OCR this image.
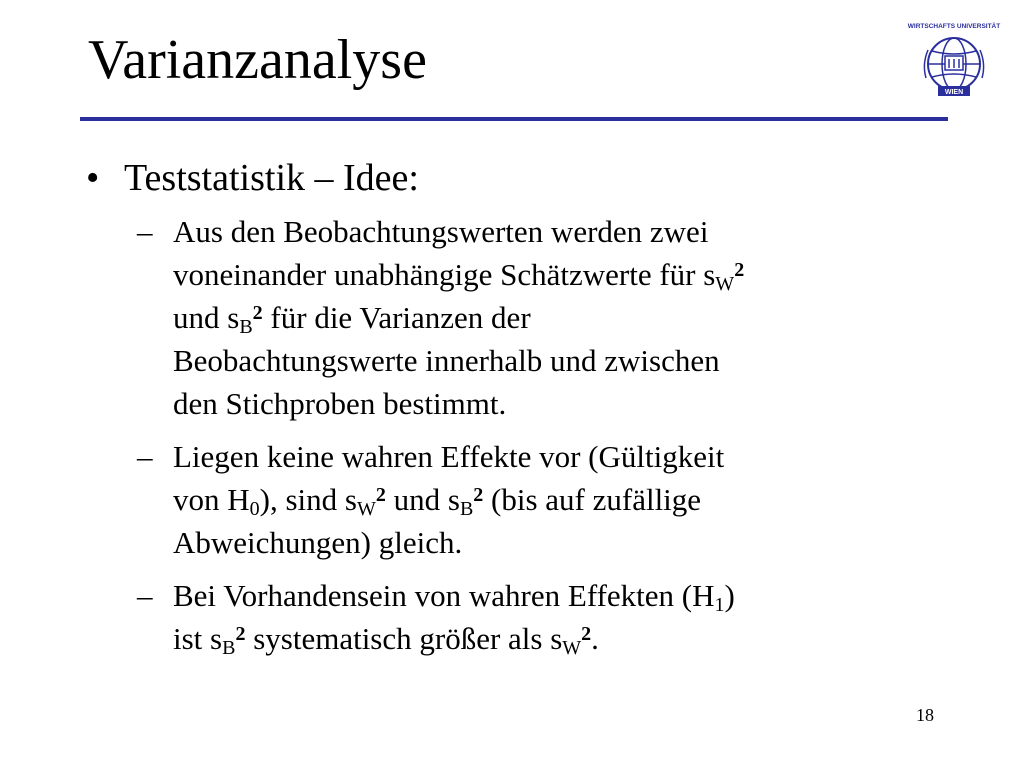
Varianzanalyse
WIRTSCHAFTS UNIVERSITÄT
WIEN
• Teststatistik – Idee:
– Aus den Beobachtungswerten werden zwei
voneinander unabhängige Schätzwerte für $s_W^2$
und $s_B^2$ für die Varianzen der
Beobachtungswerte innerhalb und zwischen
den Stichproben bestimmt.
– Liegen keine wahren Effekte vor (Gültigkeit
von $H_0$), sind $s_W^2$ und $s_B^2$ (bis auf zufällige
Abweichungen) gleich.
– Bei Vorhandensein von wahren Effekten $(H_1)$
ist $s_B^2$ systematisch größer als $s_W^2$.
18
